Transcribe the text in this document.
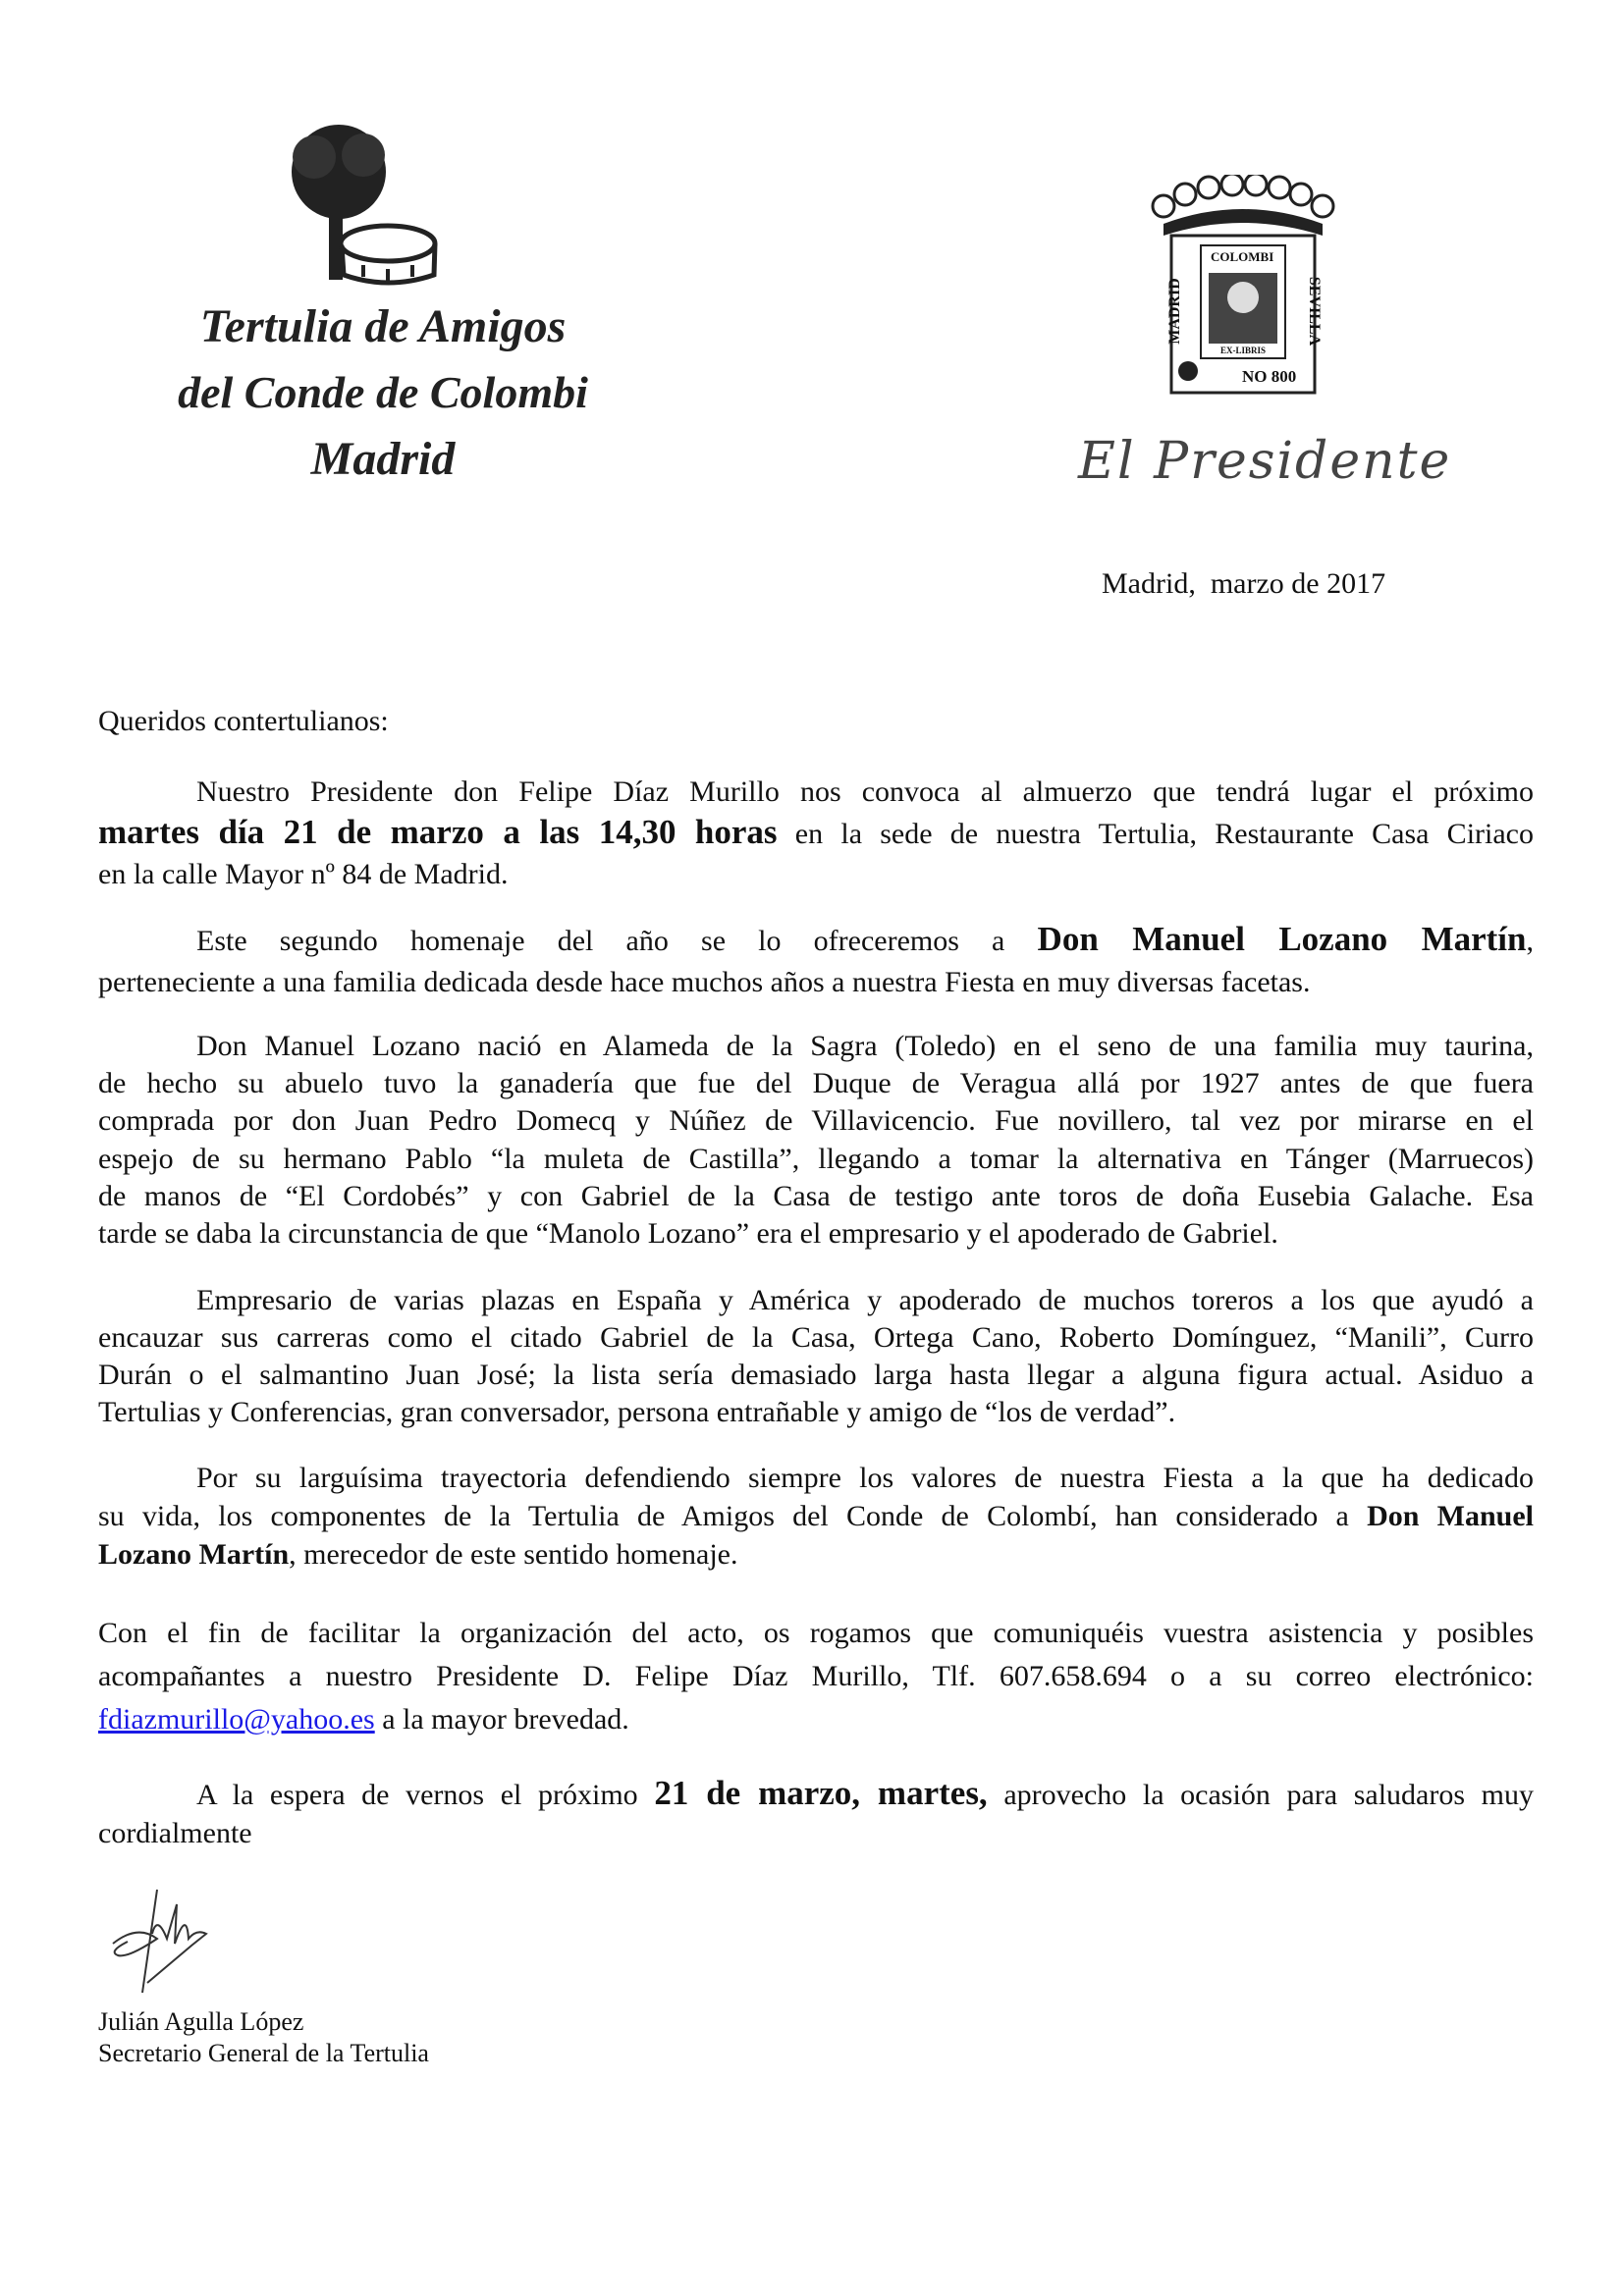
Tertulia de Amigos
del Conde de Colombi
Madrid
COLOMBI
MADRID	SEVILLA
EX-LIBRIS
NO 800
El Presidente
Madrid,  marzo de 2017
Queridos contertulianos:
Nuestro Presidente don Felipe Díaz Murillo nos convoca al almuerzo que tendrá lugar el próximo
martes día 21 de marzo a las 14,30 horas en la sede de nuestra Tertulia, Restaurante Casa Ciriaco
en la calle Mayor nº 84 de Madrid.
Este segundo homenaje del año se lo ofreceremos a Don Manuel Lozano Martín,
perteneciente a una familia dedicada desde hace muchos años a nuestra Fiesta en muy diversas facetas.
Don Manuel Lozano nació en Alameda de la Sagra (Toledo) en el seno de una familia muy taurina,
de hecho su abuelo tuvo la ganadería que fue del Duque de Veragua allá por 1927 antes de que fuera
comprada por don Juan Pedro Domecq y Núñez de Villavicencio. Fue novillero, tal vez por mirarse en el
espejo de su hermano Pablo “la muleta de Castilla”, llegando a tomar la alternativa en Tánger (Marruecos)
de manos de “El Cordobés” y con Gabriel de la Casa de testigo ante toros de doña Eusebia Galache. Esa
tarde se daba la circunstancia de que “Manolo Lozano” era el empresario y el apoderado de Gabriel.
Empresario de varias plazas en España y América y apoderado de muchos toreros a los que ayudó a
encauzar sus carreras como el citado Gabriel de la Casa, Ortega Cano, Roberto Domínguez, “Manili”, Curro
Durán o el salmantino Juan José; la lista sería demasiado larga hasta llegar a alguna figura actual. Asiduo a
Tertulias y Conferencias, gran conversador, persona entrañable y amigo de “los de verdad”.
Por su larguísima trayectoria defendiendo siempre los valores de nuestra Fiesta a la que ha dedicado
su vida, los componentes de la Tertulia de Amigos del Conde de Colombí, han considerado a Don Manuel
Lozano Martín, merecedor de este sentido homenaje.
Con el fin de facilitar la organización del acto, os rogamos que comuniquéis vuestra asistencia y posibles
acompañantes a nuestro Presidente D. Felipe Díaz Murillo, Tlf. 607.658.694 o a su correo electrónico:
fdiazmurillo@yahoo.es a la mayor brevedad.
A la espera de vernos el próximo 21 de marzo, martes, aprovecho la ocasión para saludaros muy
cordialmente
Julián Agulla López
Secretario General de la Tertulia
